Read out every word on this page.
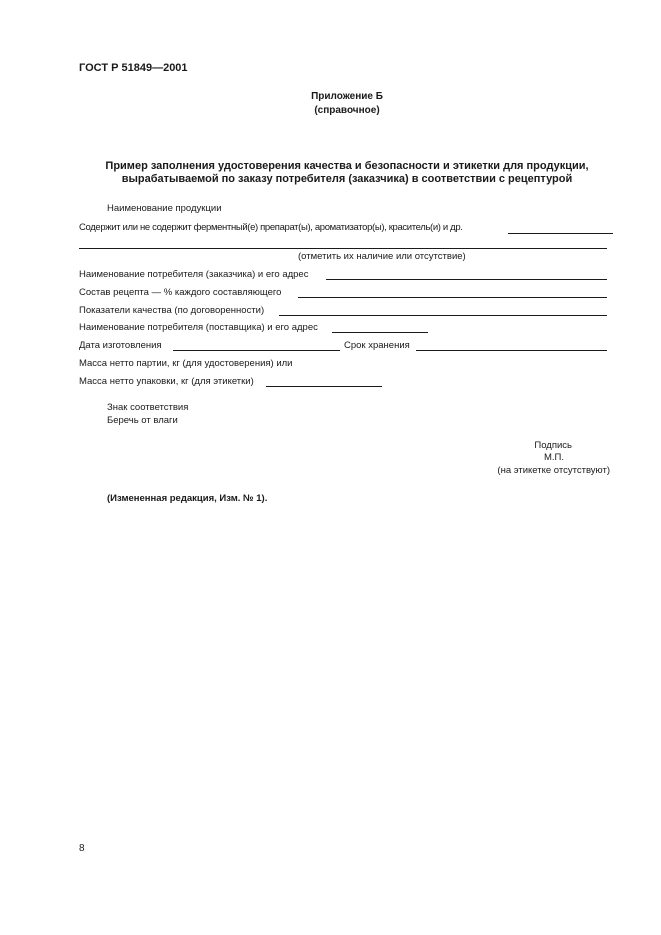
ГОСТ Р 51849—2001
Приложение Б
(справочное)
Пример заполнения удостоверения качества и безопасности и этикетки для продукции,
вырабатываемой по заказу потребителя (заказчика) в соответствии с рецептурой
Наименование продукции
Содержит или не содержит ферментный(е) препарат(ы), ароматизатор(ы), краситель(и) и др.
(отметить их наличие или отсутствие)
Наименование потребителя (заказчика) и его адрес
Состав рецепта — % каждого составляющего
Показатели качества (по договоренности)
Наименование потребителя (поставщика) и его адрес
Дата изготовления	Срок хранения
Масса нетто партии, кг (для удостоверения) или
Масса нетто упаковки, кг (для этикетки)
Знак соответствия
Беречь от влаги
Подпись
М.П.
(на этикетке отсутствуют)
(Измененная редакция, Изм. № 1).
8
